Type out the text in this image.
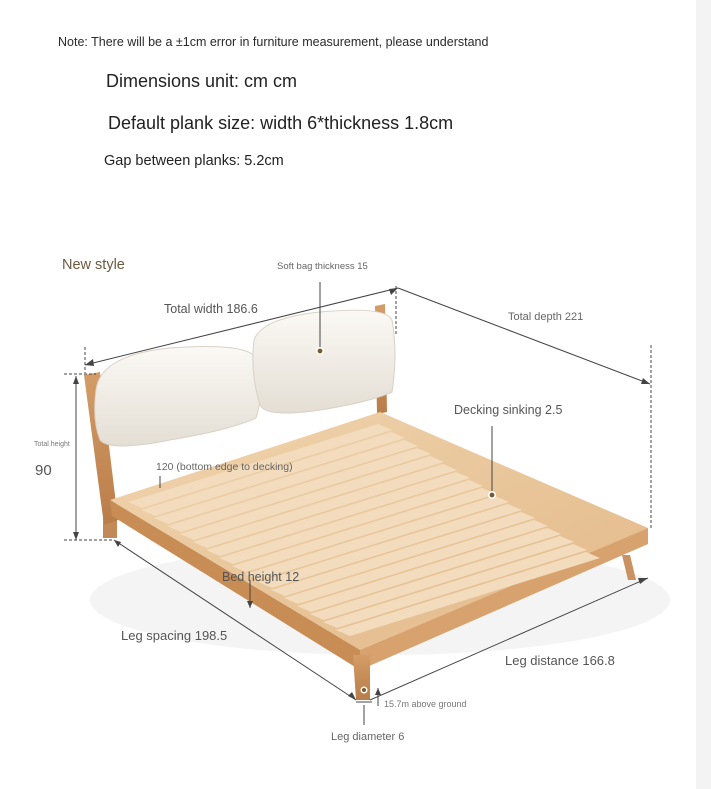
Note: There will be a ±1cm error in furniture measurement, please understand
Dimensions unit: cm cm
Default plank size: width 6*thickness 1.8cm
Gap between planks: 5.2cm
New style	Soft bag thickness 15
Total width 186.6
Total depth 221
Decking sinking 2.5
Total height
90	120 (bottom edge to decking)
Bed height 12
Leg spacing 198.5
Leg distance 166.8
15.7m above ground
Leg diameter 6
